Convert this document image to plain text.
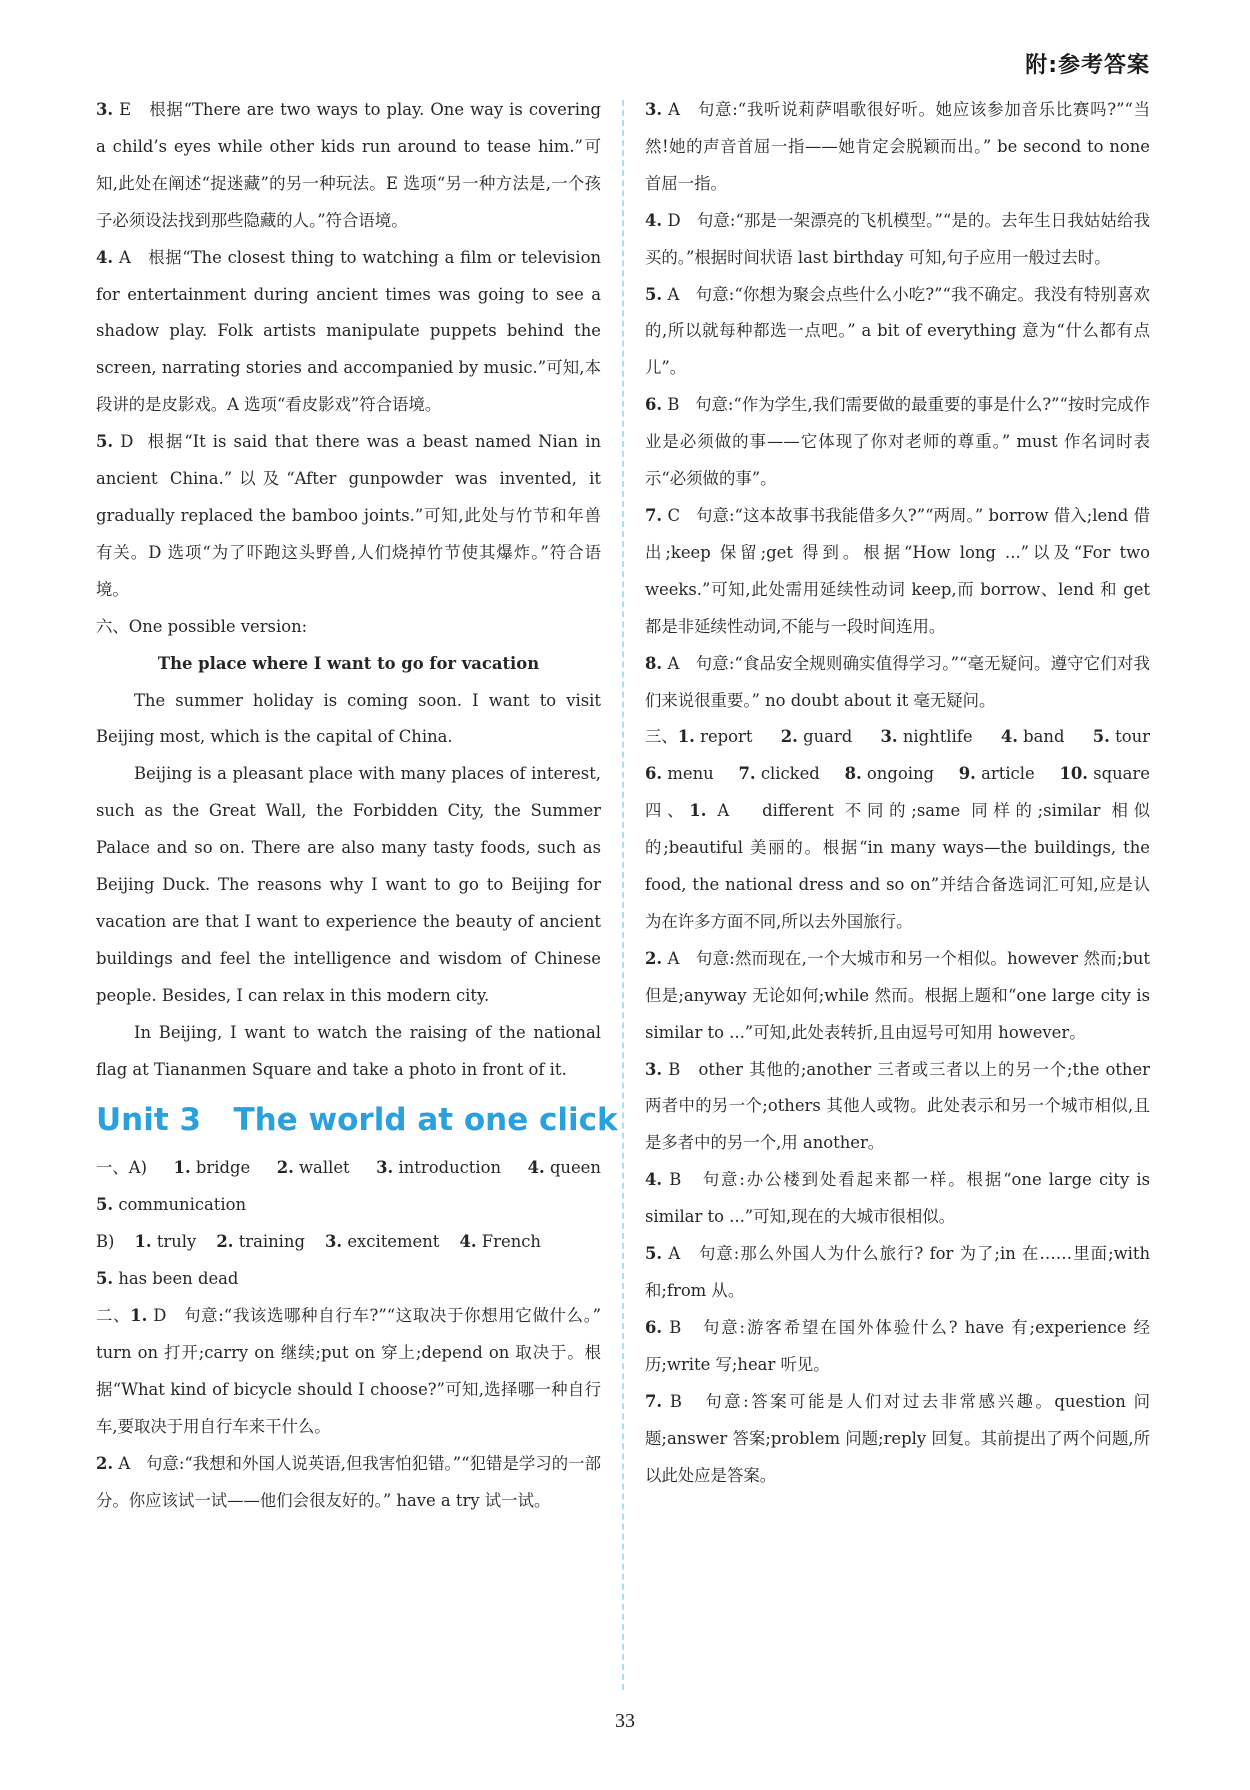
附:参考答案

3. E 根据“There are two ways to play. One way is covering a child’s eyes while other kids run around to tease him.”可知,此处在阐述“捉迷藏”的另一种玩法。E 选项“另一种方法是,一个孩子必须设法找到那些隐藏的人。”符合语境。

4. A 根据“The closest thing to watching a film or television for entertainment during ancient times was going to see a shadow play. Folk artists manipulate puppets behind the screen, narrating stories and accompanied by music.”可知,本段讲的是皮影戏。A 选项“看皮影戏”符合语境。

5. D 根据“It is said that there was a beast named Nian in ancient China.”以及“After gunpowder was invented, it gradually replaced the bamboo joints.”可知,此处与竹节和年兽有关。D 选项“为了吓跑这头野兽,人们烧掉竹节使其爆炸。”符合语境。

六、One possible version:

The place where I want to go for vacation

The summer holiday is coming soon. I want to visit Beijing most, which is the capital of China.

Beijing is a pleasant place with many places of interest, such as the Great Wall, the Forbidden City, the Summer Palace and so on. There are also many tasty foods, such as Beijing Duck. The reasons why I want to go to Beijing for vacation are that I want to experience the beauty of ancient buildings and feel the intelligence and wisdom of Chinese people. Besides, I can relax in this modern city.

In Beijing, I want to watch the raising of the national flag at Tiananmen Square and take a photo in front of it.

Unit 3 The world at one click

一、A) 1. bridge 2. wallet 3. introduction 4. queen

5. communication

B) 1. truly 2. training 3. excitement 4. French

5. has been dead

二、1. D 句意:“我该选哪种自行车?”“这取决于你想用它做什么。” turn on 打开;carry on 继续;put on 穿上;depend on 取决于。根据“What kind of bicycle should I choose?”可知,选择哪一种自行车,要取决于用自行车来干什么。

2. A 句意:“我想和外国人说英语,但我害怕犯错。”“犯错是学习的一部分。你应该试一试——他们会很友好的。” have a try 试一试。

3. A 句意:“我听说莉萨唱歌很好听。她应该参加音乐比赛吗?”“当然!她的声音首屈一指——她肯定会脱颖而出。” be second to none 首屈一指。

4. D 句意:“那是一架漂亮的飞机模型。”“是的。去年生日我姑姑给我买的。”根据时间状语 last birthday 可知,句子应用一般过去时。

5. A 句意:“你想为聚会点些什么小吃?”“我不确定。我没有特别喜欢的,所以就每种都选一点吧。” a bit of everything 意为“什么都有点儿”。

6. B 句意:“作为学生,我们需要做的最重要的事是什么?”“按时完成作业是必须做的事——它体现了你对老师的尊重。” must 作名词时表示“必须做的事”。

7. C 句意:“这本故事书我能借多久?”“两周。” borrow 借入;lend 借出;keep 保留;get 得到。根据“How long ...”以及“For two weeks.”可知,此处需用延续性动词 keep,而 borrow、lend 和 get 都是非延续性动词,不能与一段时间连用。

8. A 句意:“食品安全规则确实值得学习。”“毫无疑问。遵守它们对我们来说很重要。” no doubt about it 毫无疑问。

三、1. report 2. guard 3. nightlife 4. band 5. tour

6. menu 7. clicked 8. ongoing 9. article 10. square

四、1. A different 不同的;same 同样的;similar 相似的;beautiful 美丽的。根据“in many ways—the buildings, the food, the national dress and so on”并结合备选词汇可知,应是认为在许多方面不同,所以去外国旅行。

2. A 句意:然而现在,一个大城市和另一个相似。however 然而;but 但是;anyway 无论如何;while 然而。根据上题和“one large city is similar to ...”可知,此处表转折,且由逗号可知用 however。

3. B other 其他的;another 三者或三者以上的另一个;the other 两者中的另一个;others 其他人或物。此处表示和另一个城市相似,且是多者中的另一个,用 another。

4. B 句意:办公楼到处看起来都一样。根据“one large city is similar to ...”可知,现在的大城市很相似。

5. A 句意:那么外国人为什么旅行? for 为了;in 在……里面;with 和;from 从。

6. B 句意:游客希望在国外体验什么? have 有;experience 经历;write 写;hear 听见。

7. B 句意:答案可能是人们对过去非常感兴趣。question 问题;answer 答案;problem 问题;reply 回复。其前提出了两个问题,所以此处应是答案。

33
